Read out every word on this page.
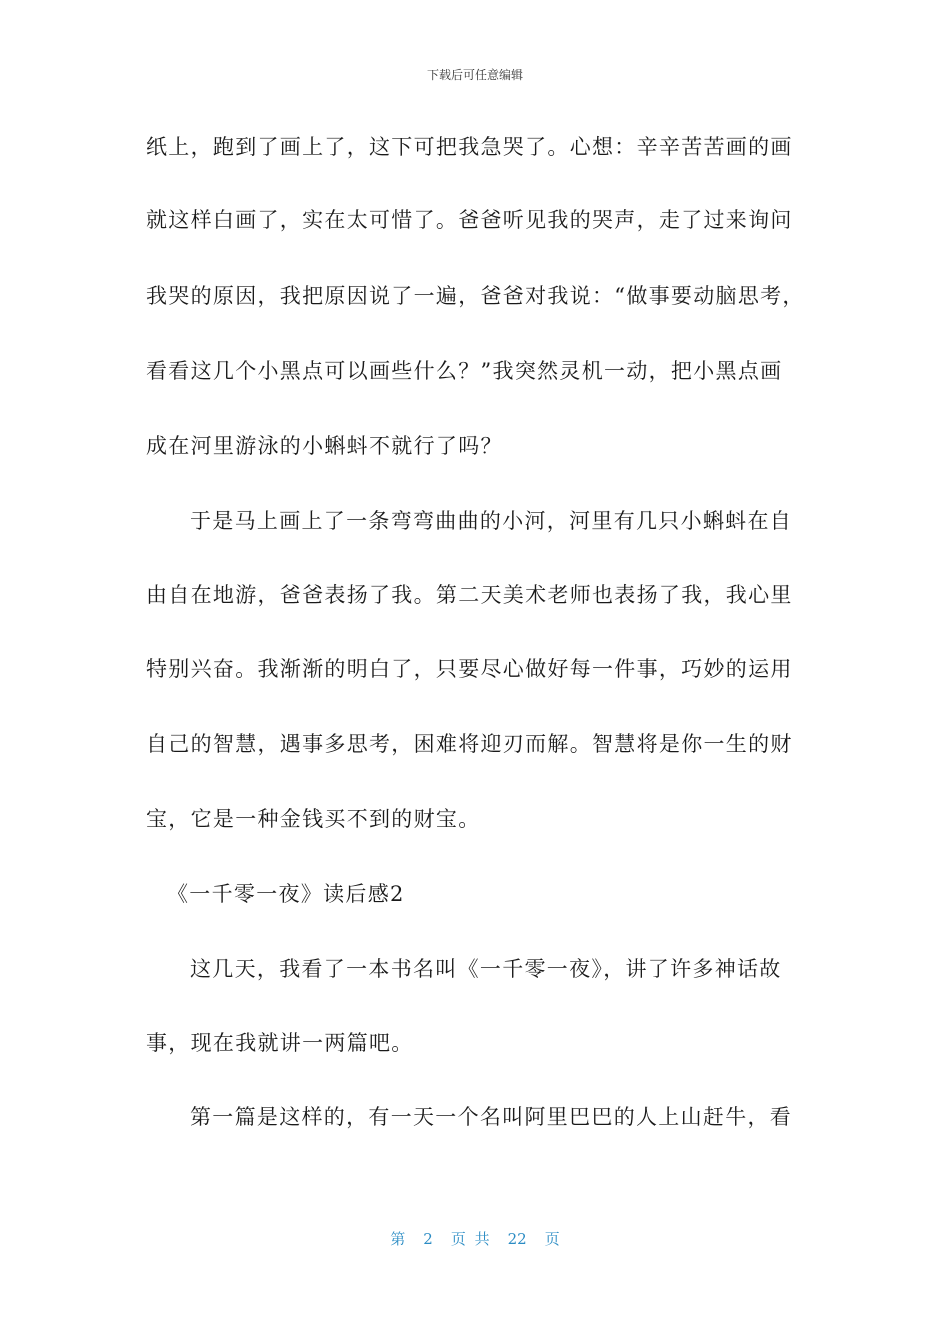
下载后可任意编辑
纸上，跑到了画上了，这下可把我急哭了。心想：辛辛苦苦画的画
就这样白画了，实在太可惜了。爸爸听见我的哭声，走了过来询问
我哭的原因，我把原因说了一遍，爸爸对我说：“做事要动脑思考，
看看这几个小黑点可以画些什么？”我突然灵机一动，把小黑点画
成在河里游泳的小蝌蚪不就行了吗？
于是马上画上了一条弯弯曲曲的小河，河里有几只小蝌蚪在自
由自在地游，爸爸表扬了我。第二天美术老师也表扬了我，我心里
特别兴奋。我渐渐的明白了，只要尽心做好每一件事，巧妙的运用
自己的智慧，遇事多思考，困难将迎刃而解。智慧将是你一生的财
宝，它是一种金钱买不到的财宝。
《一千零一夜》读后感2
这几天，我看了一本书名叫《一千零一夜》，讲了许多神话故
事，现在我就讲一两篇吧。
第一篇是这样的，有一天一个名叫阿里巴巴的人上山赶牛，看
第 2 页 共 22 页
